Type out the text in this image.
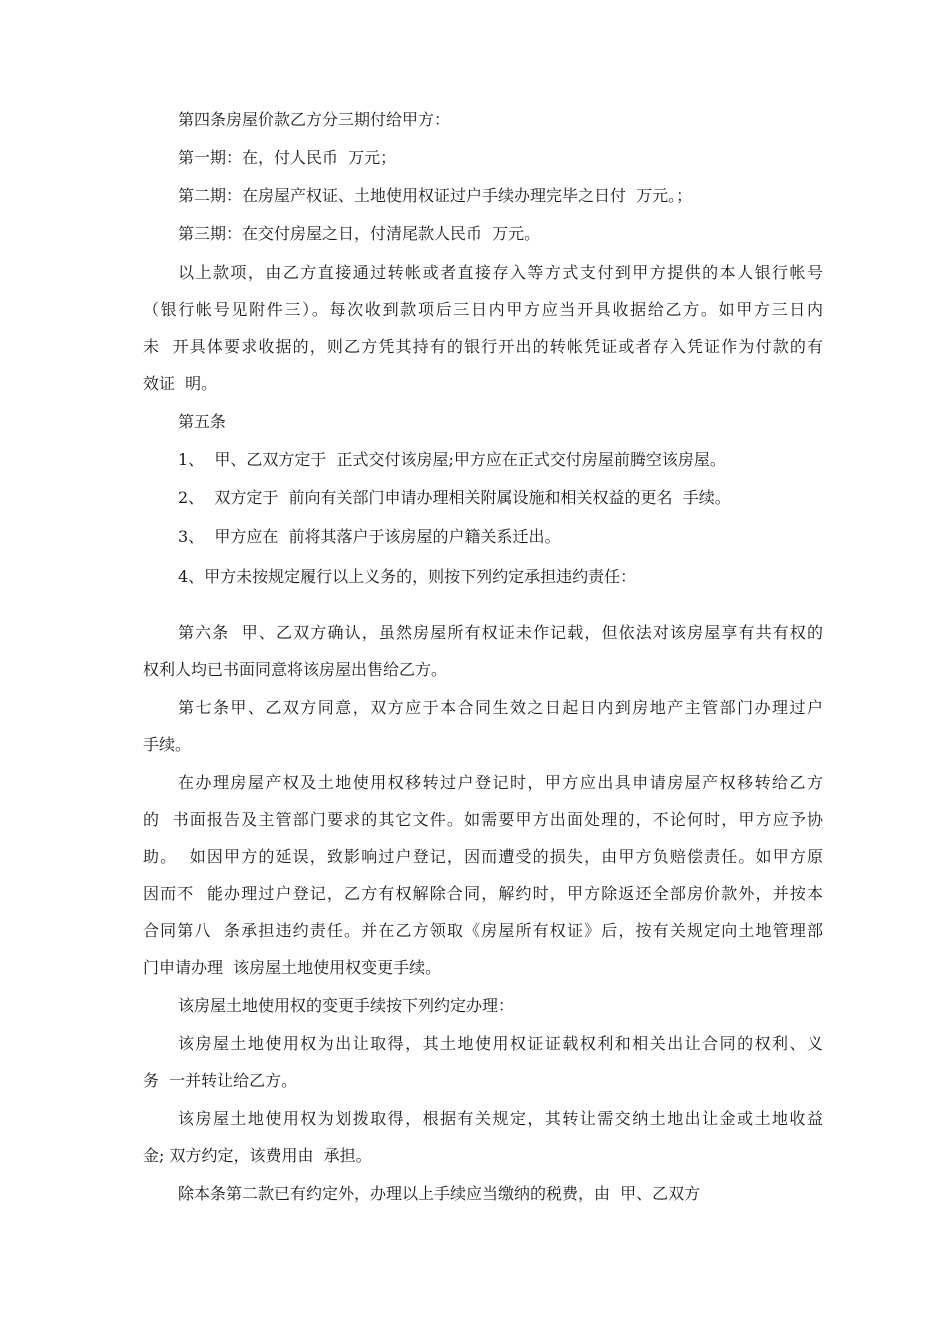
第四条房屋价款乙方分三期付给甲方：
第一期：在，付人民币  万元；
第二期：在房屋产权证、土地使用权证过户手续办理完毕之日付  万元。；
第三期：在交付房屋之日，付清尾款人民币  万元。
以上款项，由乙方直接通过转帐或者直接存入等方式支付到甲方提供的本人银行帐号
（银行帐号见附件三）。每次收到款项后三日内甲方应当开具收据给乙方。如甲方三日内
未  开具体要求收据的，则乙方凭其持有的银行开出的转帐凭证或者存入凭证作为付款的有
效证  明。
第五条
1、  甲、乙双方定于  正式交付该房屋;甲方应在正式交付房屋前腾空该房屋。
2、  双方定于  前向有关部门申请办理相关附属设施和相关权益的更名  手续。
3、  甲方应在  前将其落户于该房屋的户籍关系迁出。
4、甲方未按规定履行以上义务的，则按下列约定承担违约责任：
第六条  甲、乙双方确认，虽然房屋所有权证未作记载，但依法对该房屋享有共有权的
权利人均已书面同意将该房屋出售给乙方。
第七条甲、乙双方同意，双方应于本合同生效之日起日内到房地产主管部门办理过户
手续。
在办理房屋产权及土地使用权移转过户登记时，甲方应出具申请房屋产权移转给乙方
的  书面报告及主管部门要求的其它文件。如需要甲方出面处理的，不论何时，甲方应予协
助。  如因甲方的延误，致影响过户登记，因而遭受的损失，由甲方负赔偿责任。如甲方原
因而不  能办理过户登记，乙方有权解除合同，解约时，甲方除返还全部房价款外，并按本
合同第八  条承担违约责任。并在乙方领取《房屋所有权证》后，按有关规定向土地管理部
门申请办理  该房屋土地使用权变更手续。
该房屋土地使用权的变更手续按下列约定办理：
该房屋土地使用权为出让取得，其土地使用权证证载权利和相关出让合同的权利、义
务  一并转让给乙方。
该房屋土地使用权为划拨取得，根据有关规定，其转让需交纳土地出让金或土地收益
金; 双方约定，该费用由  承担。
除本条第二款已有约定外，办理以上手续应当缴纳的税费，由  甲、乙双方
